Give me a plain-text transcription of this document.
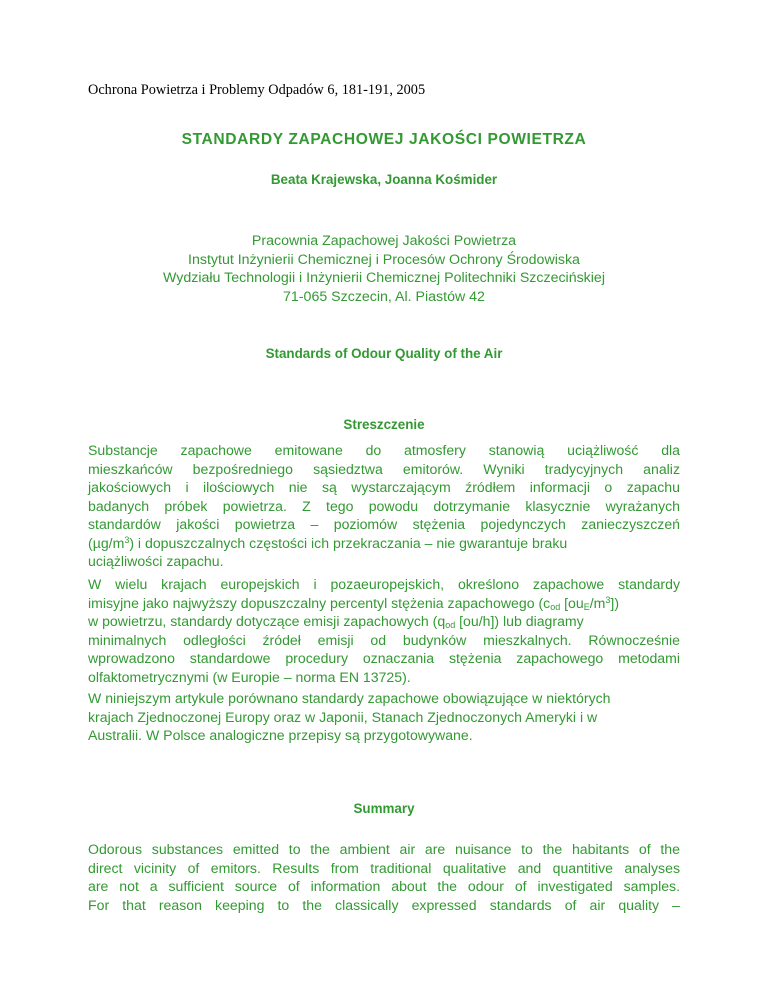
Ochrona Powietrza i Problemy Odpadów 6, 181-191, 2005
STANDARDY ZAPACHOWEJ JAKOŚCI POWIETRZA
Beata Krajewska, Joanna Kośmider
Pracownia Zapachowej Jakości Powietrza
Instytut Inżynierii Chemicznej i Procesów Ochrony Środowiska
Wydziału Technologii i Inżynierii Chemicznej Politechniki Szczecińskiej
71-065 Szczecin, Al. Piastów 42
Standards of Odour Quality of the Air
Streszczenie
Substancje zapachowe emitowane do atmosfery stanowią uciążliwość dla
mieszkańców bezpośredniego sąsiedztwa emitorów. Wyniki tradycyjnych analiz
jakościowych i ilościowych nie są wystarczającym źródłem informacji o zapachu
badanych próbek powietrza. Z tego powodu dotrzymanie klasycznie wyrażanych
standardów jakości powietrza – poziomów stężenia pojedynczych zanieczyszczeń
$(\mu g/m^3)$ i dopuszczalnych częstości ich przekraczania – nie gwarantuje braku
uciążliwości zapachu.
W wielu krajach europejskich i pozaeuropejskich, określono zapachowe standardy
imisyjne jako najwyższy dopuszczalny percentyl stężenia zapachowego ($c_{od}$ $[ou_E/m^3]$)
w powietrzu, standardy dotyczące emisji zapachowych ($q_{od}$ [ou/h]) lub diagramy
minimalnych odległości źródeł emisji od budynków mieszkalnych. Równocześnie
wprowadzono standardowe procedury oznaczania stężenia zapachowego metodami
olfaktometrycznymi (w Europie – norma EN 13725).
W niniejszym artykule porównano standardy zapachowe obowiązujące w niektórych
krajach Zjednoczonej Europy oraz w Japonii, Stanach Zjednoczonych Ameryki i w
Australii. W Polsce analogiczne przepisy są przygotowywane.
Summary
Odorous substances emitted to the ambient air are nuisance to the habitants of the
direct vicinity of emitors. Results from traditional qualitative and quantitive analyses
are not a sufficient source of information about the odour of investigated samples.
For that reason keeping to the classically expressed standards of air quality –
